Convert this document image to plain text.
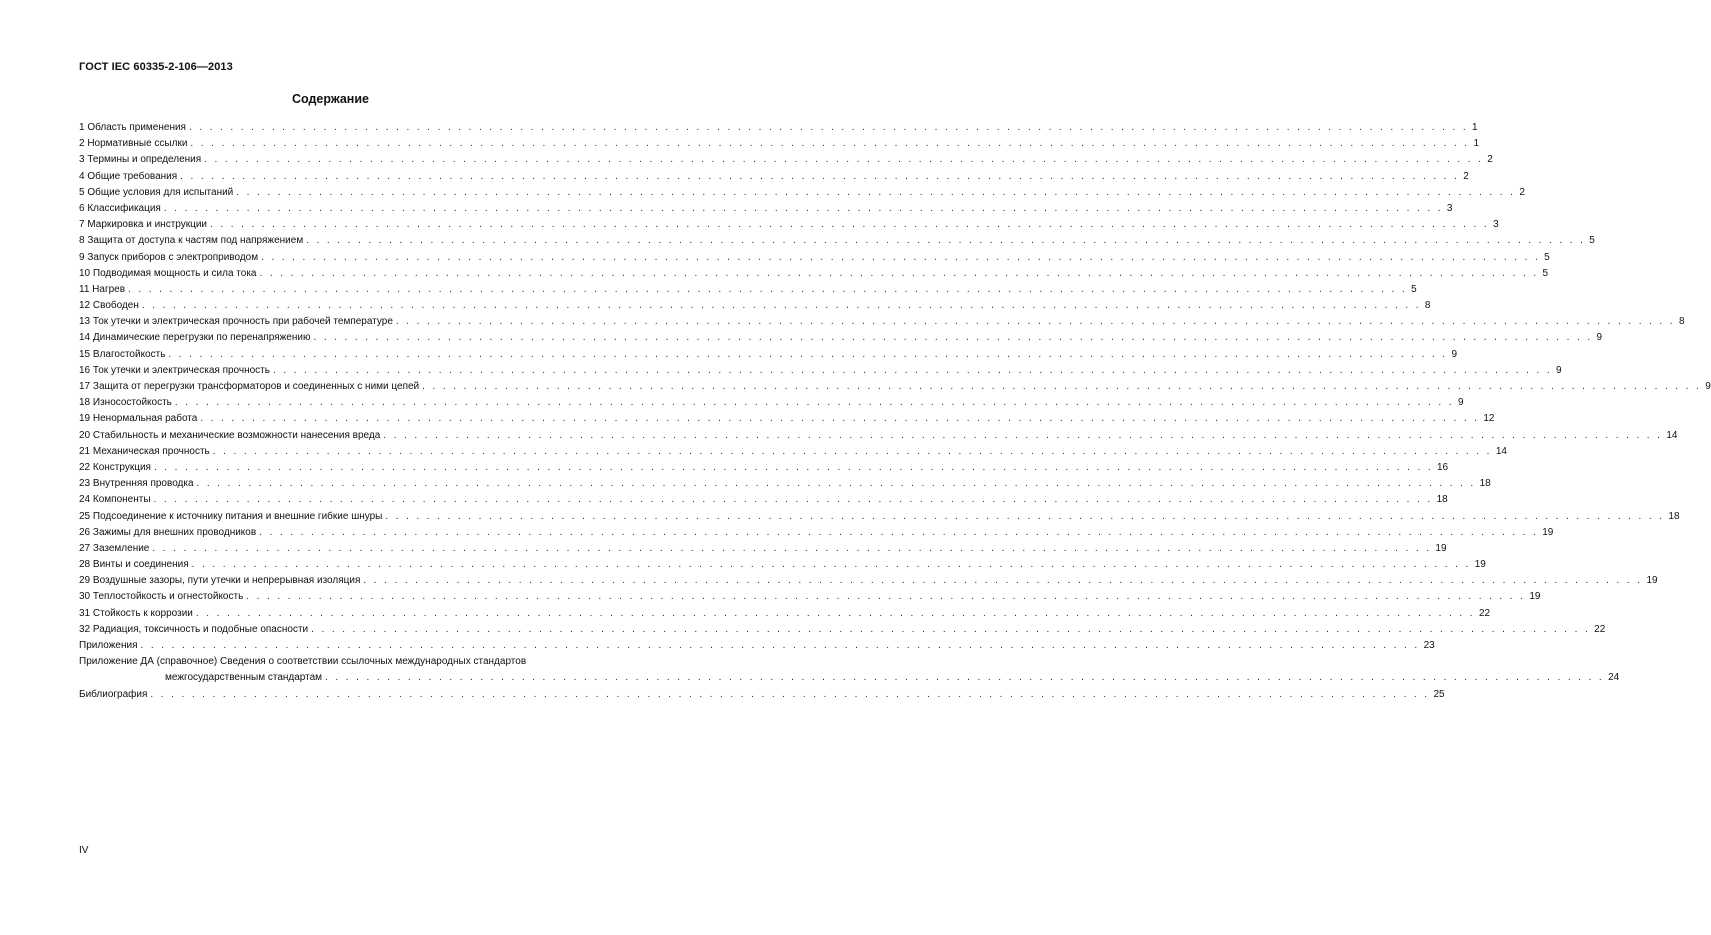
ГОСТ IEC 60335-2-106—2013
Содержание
1 Область применения . . . . . . . . . . . . . . . . . . . . . . . . . . . . . . . . . . . . . . . . . . . . . . . . . . . . . . . . . . . . . . . . . . . . . . . . . . . . . . . . . . . . . . . . . . . . . . . . . . . . . . . . . . . . . . . . . . . . . . . . . . . . 1
2 Нормативные ссылки . . . . . . . . . . . . . . . . . . . . . . . . . . . . . . . . . . . . . . . . . . . . . . . . . . . . . . . . . . . . . . . . . . . . . . . . . . . . . . . . . . . . . . . . . . . . . . . . . . . . . . . . . . . . . . . . . . . . . . . . . . . . 1
3 Термины и определения . . . . . . . . . . . . . . . . . . . . . . . . . . . . . . . . . . . . . . . . . . . . . . . . . . . . . . . . . . . . . . . . . . . . . . . . . . . . . . . . . . . . . . . . . . . . . . . . . . . . . . . . . . . . . . . . . . . . . . . . . . . . 2
4 Общие требования . . . . . . . . . . . . . . . . . . . . . . . . . . . . . . . . . . . . . . . . . . . . . . . . . . . . . . . . . . . . . . . . . . . . . . . . . . . . . . . . . . . . . . . . . . . . . . . . . . . . . . . . . . . . . . . . . . . . . . . . . . . . 2
5 Общие условия для испытаний . . . . . . . . . . . . . . . . . . . . . . . . . . . . . . . . . . . . . . . . . . . . . . . . . . . . . . . . . . . . . . . . . . . . . . . . . . . . . . . . . . . . . . . . . . . . . . . . . . . . . . . . . . . . . . . . . . . . . . . . . . . . 2
6 Классификация . . . . . . . . . . . . . . . . . . . . . . . . . . . . . . . . . . . . . . . . . . . . . . . . . . . . . . . . . . . . . . . . . . . . . . . . . . . . . . . . . . . . . . . . . . . . . . . . . . . . . . . . . . . . . . . . . . . . . . . . . . . . 3
7 Маркировка и инструкции . . . . . . . . . . . . . . . . . . . . . . . . . . . . . . . . . . . . . . . . . . . . . . . . . . . . . . . . . . . . . . . . . . . . . . . . . . . . . . . . . . . . . . . . . . . . . . . . . . . . . . . . . . . . . . . . . . . . . . . . . . . . 3
8 Защита от доступа к частям под напряжением . . . . . . . . . . . . . . . . . . . . . . . . . . . . . . . . . . . . . . . . . . . . . . . . . . . . . . . . . . . . . . . . . . . . . . . . . . . . . . . . . . . . . . . . . . . . . . . . . . . . . . . . . . . . . . . . . . . . . . . . . . . . 5
9 Запуск приборов с электроприводом . . . . . . . . . . . . . . . . . . . . . . . . . . . . . . . . . . . . . . . . . . . . . . . . . . . . . . . . . . . . . . . . . . . . . . . . . . . . . . . . . . . . . . . . . . . . . . . . . . . . . . . . . . . . . . . . . . . . . . . . . . . . 5
10 Подводимая мощность и сила тока . . . . . . . . . . . . . . . . . . . . . . . . . . . . . . . . . . . . . . . . . . . . . . . . . . . . . . . . . . . . . . . . . . . . . . . . . . . . . . . . . . . . . . . . . . . . . . . . . . . . . . . . . . . . . . . . . . . . . . . . . . . . 5
11 Нагрев . . . . . . . . . . . . . . . . . . . . . . . . . . . . . . . . . . . . . . . . . . . . . . . . . . . . . . . . . . . . . . . . . . . . . . . . . . . . . . . . . . . . . . . . . . . . . . . . . . . . . . . . . . . . . . . . . . . . . . . . . . . . 5
12 Свободен . . . . . . . . . . . . . . . . . . . . . . . . . . . . . . . . . . . . . . . . . . . . . . . . . . . . . . . . . . . . . . . . . . . . . . . . . . . . . . . . . . . . . . . . . . . . . . . . . . . . . . . . . . . . . . . . . . . . . . . . . . . . 8
13 Ток утечки и электрическая прочность при рабочей температуре . . . . . . . . . . . . . . . . . . . . . . . . . . . . . . . . . . . . . . . . . . . . . . . . . . . . . . . . . . . . . . . . . . . . . . . . . . . . . . . . . . . . . . . . . . . . . . . . . . . . . . . . . . . . . . . . . . . . . . . . . . . . 8
14 Динамические перегрузки по перенапряжению . . . . . . . . . . . . . . . . . . . . . . . . . . . . . . . . . . . . . . . . . . . . . . . . . . . . . . . . . . . . . . . . . . . . . . . . . . . . . . . . . . . . . . . . . . . . . . . . . . . . . . . . . . . . . . . . . . . . . . . . . . . . 9
15 Влагостойкость . . . . . . . . . . . . . . . . . . . . . . . . . . . . . . . . . . . . . . . . . . . . . . . . . . . . . . . . . . . . . . . . . . . . . . . . . . . . . . . . . . . . . . . . . . . . . . . . . . . . . . . . . . . . . . . . . . . . . . . . . . . . 9
16 Ток утечки и электрическая прочность . . . . . . . . . . . . . . . . . . . . . . . . . . . . . . . . . . . . . . . . . . . . . . . . . . . . . . . . . . . . . . . . . . . . . . . . . . . . . . . . . . . . . . . . . . . . . . . . . . . . . . . . . . . . . . . . . . . . . . . . . . . . 9
17 Защита от перегрузки трансформаторов и соединенных с ними цепей . . . . . . . . . . . . . . . . . . . . . . . . . . . . . . . . . . . . . . . . . . . . . . . . . . . . . . . . . . . . . . . . . . . . . . . . . . . . . . . . . . . . . . . . . . . . . . . . . . . . . . . . . . . . . . . . . . . . . . . . . . . . 9
18 Износостойкость . . . . . . . . . . . . . . . . . . . . . . . . . . . . . . . . . . . . . . . . . . . . . . . . . . . . . . . . . . . . . . . . . . . . . . . . . . . . . . . . . . . . . . . . . . . . . . . . . . . . . . . . . . . . . . . . . . . . . . . . . . . . 9
19 Ненормальная работа . . . . . . . . . . . . . . . . . . . . . . . . . . . . . . . . . . . . . . . . . . . . . . . . . . . . . . . . . . . . . . . . . . . . . . . . . . . . . . . . . . . . . . . . . . . . . . . . . . . . . . . . . . . . . . . . . . . . . . . . . . . . 12
20 Стабильность и механические возможности нанесения вреда . . . . . . . . . . . . . . . . . . . . . . . . . . . . . . . . . . . . . . . . . . . . . . . . . . . . . . . . . . . . . . . . . . . . . . . . . . . . . . . . . . . . . . . . . . . . . . . . . . . . . . . . . . . . . . . . . . . . . . . . . . . . 14
21 Механическая прочность . . . . . . . . . . . . . . . . . . . . . . . . . . . . . . . . . . . . . . . . . . . . . . . . . . . . . . . . . . . . . . . . . . . . . . . . . . . . . . . . . . . . . . . . . . . . . . . . . . . . . . . . . . . . . . . . . . . . . . . . . . . . 14
22 Конструкция . . . . . . . . . . . . . . . . . . . . . . . . . . . . . . . . . . . . . . . . . . . . . . . . . . . . . . . . . . . . . . . . . . . . . . . . . . . . . . . . . . . . . . . . . . . . . . . . . . . . . . . . . . . . . . . . . . . . . . . . . . . . 16
23 Внутренняя проводка . . . . . . . . . . . . . . . . . . . . . . . . . . . . . . . . . . . . . . . . . . . . . . . . . . . . . . . . . . . . . . . . . . . . . . . . . . . . . . . . . . . . . . . . . . . . . . . . . . . . . . . . . . . . . . . . . . . . . . . . . . . . 18
24 Компоненты . . . . . . . . . . . . . . . . . . . . . . . . . . . . . . . . . . . . . . . . . . . . . . . . . . . . . . . . . . . . . . . . . . . . . . . . . . . . . . . . . . . . . . . . . . . . . . . . . . . . . . . . . . . . . . . . . . . . . . . . . . . . 18
25 Подсоединение к источнику питания и внешние гибкие шнуры . . . . . . . . . . . . . . . . . . . . . . . . . . . . . . . . . . . . . . . . . . . . . . . . . . . . . . . . . . . . . . . . . . . . . . . . . . . . . . . . . . . . . . . . . . . . . . . . . . . . . . . . . . . . . . . . . . . . . . . . . . . . 18
26 Зажимы для внешних проводников . . . . . . . . . . . . . . . . . . . . . . . . . . . . . . . . . . . . . . . . . . . . . . . . . . . . . . . . . . . . . . . . . . . . . . . . . . . . . . . . . . . . . . . . . . . . . . . . . . . . . . . . . . . . . . . . . . . . . . . . . . . . 19
27 Заземление . . . . . . . . . . . . . . . . . . . . . . . . . . . . . . . . . . . . . . . . . . . . . . . . . . . . . . . . . . . . . . . . . . . . . . . . . . . . . . . . . . . . . . . . . . . . . . . . . . . . . . . . . . . . . . . . . . . . . . . . . . . . 19
28 Винты и соединения . . . . . . . . . . . . . . . . . . . . . . . . . . . . . . . . . . . . . . . . . . . . . . . . . . . . . . . . . . . . . . . . . . . . . . . . . . . . . . . . . . . . . . . . . . . . . . . . . . . . . . . . . . . . . . . . . . . . . . . . . . . . 19
29 Воздушные зазоры, пути утечки и непрерывная изоляция . . . . . . . . . . . . . . . . . . . . . . . . . . . . . . . . . . . . . . . . . . . . . . . . . . . . . . . . . . . . . . . . . . . . . . . . . . . . . . . . . . . . . . . . . . . . . . . . . . . . . . . . . . . . . . . . . . . . . . . . . . . . 19
30 Теплостойкость и огнестойкость . . . . . . . . . . . . . . . . . . . . . . . . . . . . . . . . . . . . . . . . . . . . . . . . . . . . . . . . . . . . . . . . . . . . . . . . . . . . . . . . . . . . . . . . . . . . . . . . . . . . . . . . . . . . . . . . . . . . . . . . . . . . 19
31 Стойкость к коррозии . . . . . . . . . . . . . . . . . . . . . . . . . . . . . . . . . . . . . . . . . . . . . . . . . . . . . . . . . . . . . . . . . . . . . . . . . . . . . . . . . . . . . . . . . . . . . . . . . . . . . . . . . . . . . . . . . . . . . . . . . . . . 22
32 Радиация, токсичность и подобные опасности . . . . . . . . . . . . . . . . . . . . . . . . . . . . . . . . . . . . . . . . . . . . . . . . . . . . . . . . . . . . . . . . . . . . . . . . . . . . . . . . . . . . . . . . . . . . . . . . . . . . . . . . . . . . . . . . . . . . . . . . . . . . 22
Приложения . . . . . . . . . . . . . . . . . . . . . . . . . . . . . . . . . . . . . . . . . . . . . . . . . . . . . . . . . . . . . . . . . . . . . . . . . . . . . . . . . . . . . . . . . . . . . . . . . . . . . . . . . . . . . . . . . . . . . . . . . . . . 23
Приложение ДА (справочное) Сведения о соответствии ссылочных международных стандартов
межгосударственным стандартам . . . . . . . . . . . . . . . . . . . . . . . . . . . . . . . . . . . . . . . . . . . . . . . . . . . . . . . . . . . . . . . . . . . . . . . . . . . . . . . . . . . . . . . . . . . . . . . . . . . . . . . . . . . . . . . . . . . . . . . . . . . . 24
Библиография . . . . . . . . . . . . . . . . . . . . . . . . . . . . . . . . . . . . . . . . . . . . . . . . . . . . . . . . . . . . . . . . . . . . . . . . . . . . . . . . . . . . . . . . . . . . . . . . . . . . . . . . . . . . . . . . . . . . . . . . . . . . 25
IV
